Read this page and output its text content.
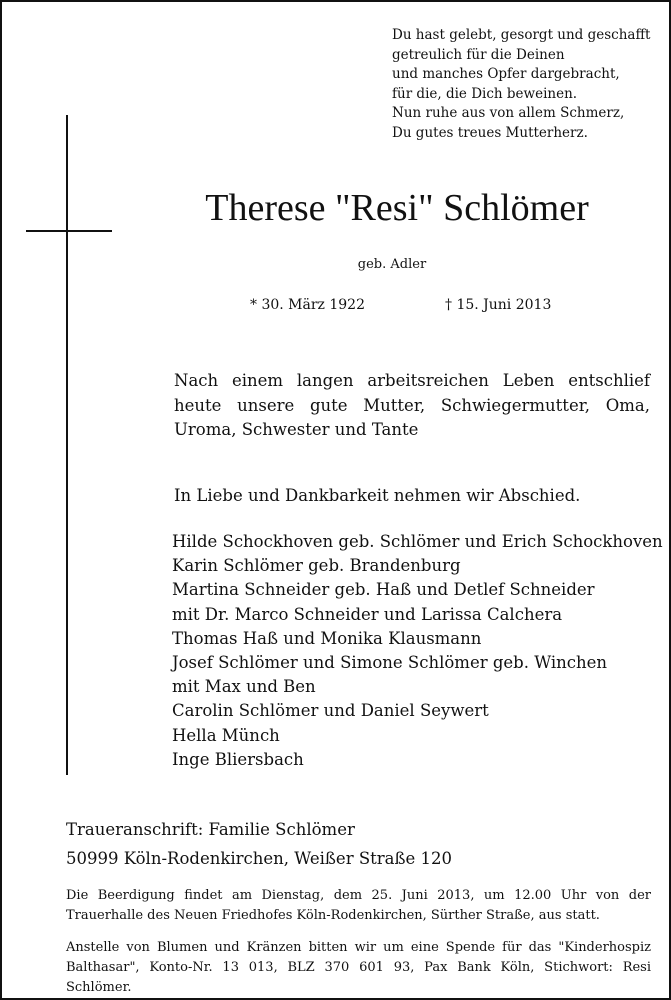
Du hast gelebt, gesorgt und geschafft
getreulich für die Deinen
und manches Opfer dargebracht,
für die, die Dich beweinen.
Nun ruhe aus von allem Schmerz,
Du gutes treues Mutterherz.
Therese "Resi" Schlömer
geb. Adler
* 30. März 1922	† 15. Juni 2013
Nach einem langen arbeitsreichen Leben entschlief heute unsere gute Mutter, Schwiegermutter, Oma, Uroma, Schwester und Tante
In Liebe und Dankbarkeit nehmen wir Abschied.
Hilde Schockhoven geb. Schlömer und Erich Schockhoven
Karin Schlömer geb. Brandenburg
Martina Schneider geb. Haß und Detlef Schneider
mit Dr. Marco Schneider und Larissa Calchera
Thomas Haß und Monika Klausmann
Josef Schlömer und Simone Schlömer geb. Winchen
mit Max und Ben
Carolin Schlömer und Daniel Seywert
Hella Münch
Inge Bliersbach
Traueranschrift: Familie Schlömer
50999 Köln-Rodenkirchen, Weißer Straße 120
Die Beerdigung findet am Dienstag, dem 25. Juni 2013, um 12.00 Uhr von der Trauerhalle des Neuen Friedhofes Köln-Rodenkirchen, Sürther Straße, aus statt.
Anstelle von Blumen und Kränzen bitten wir um eine Spende für das "Kinderhospiz Balthasar", Konto-Nr. 13 013, BLZ 370 601 93, Pax Bank Köln, Stichwort: Resi Schlömer.
